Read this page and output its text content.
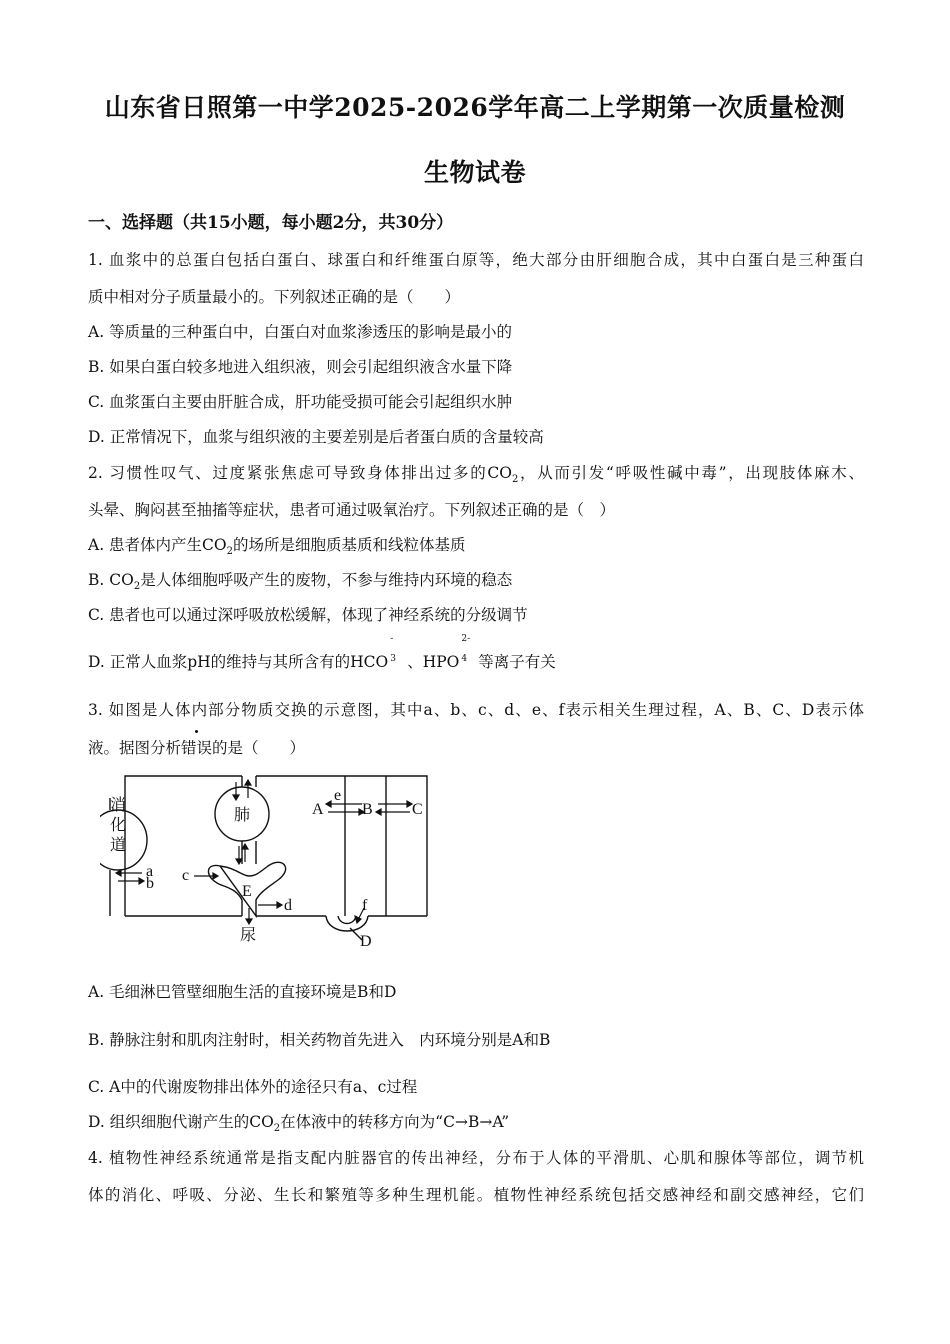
山东省日照第一中学2025-2026学年高二上学期第一次质量检测
生物试卷
一、选择题（共15小题，每小题2分，共30分）
1. 血浆中的总蛋白包括白蛋白、球蛋白和纤维蛋白原等，绝大部分由肝细胞合成，其中白蛋白是三种蛋白
质中相对分子质量最小的。下列叙述正确的是（　　）
A. 等质量的三种蛋白中，白蛋白对血浆渗透压的影响是最小的
B. 如果白蛋白较多地进入组织液，则会引起组织液含水量下降
C. 血浆蛋白主要由肝脏合成，肝功能受损可能会引起组织水肿
D. 正常情况下，血浆与组织液的主要差别是后者蛋白质的含量较高
2. 习惯性叹气、过度紧张焦虑可导致身体排出过多的$CO_2$，从而引发“呼吸性碱中毒”，出现肢体麻木、
头晕、胸闷甚至抽搐等症状，患者可通过吸氧治疗。下列叙述正确的是（　）
A. 患者体内产生$CO_2$的场所是细胞质基质和线粒体基质
B. $CO_2$是人体细胞呼吸产生的废物，不参与维持内环境的稳态
C. 患者也可以通过深呼吸放松缓解，体现了神经系统的分级调节
D. 正常人血浆pH的维持与其所含有的HCO
-
3 、HPO
2-
4 等离子有关
3. 如图是人体内部分物质交换的示意图，其中a、b、c、d、e、f表示相关生理过程，A、B、C、D表示体
液。据图分析错误的是（　　）
消
化
道
肺
a
b c
E
d
尿
A
e
B C
f
D
A. 毛细淋巴管壁细胞生活的直接环境是B和D
B. 静脉注射和肌肉注射时，相关药物首先进入　内环境分别是A和B
C. A中的代谢废物排出体外的途径只有a、c过程
D. 组织细胞代谢产生的$CO_2$在体液中的转移方向为“C→B→A”
4. 植物性神经系统通常是指支配内脏器官的传出神经，分布于人体的平滑肌、心肌和腺体等部位，调节机
体的消化、呼吸、分泌、生长和繁殖等多种生理机能。植物性神经系统包括交感神经和副交感神经，它们
